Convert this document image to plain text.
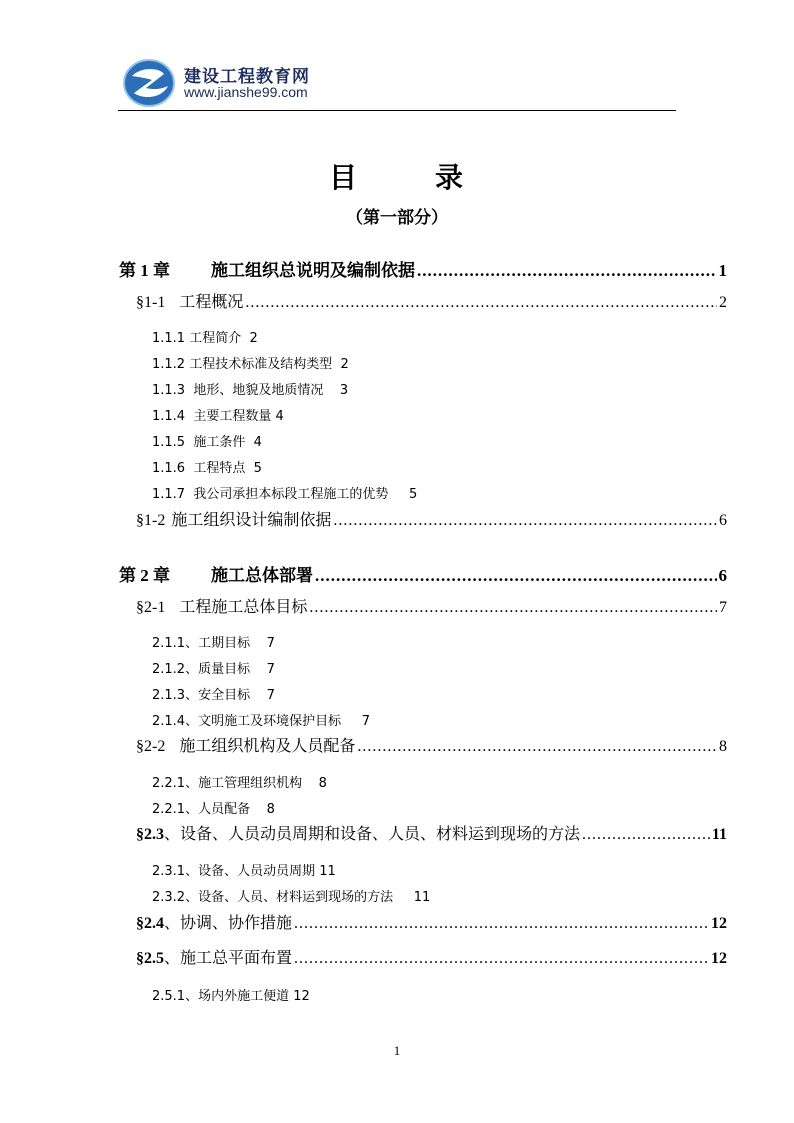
建设工程教育网
www.jianshe99.com
目	录
（第一部分）
第 1 章	施工组织总说明及编制依据 .....	1
§1-1 工程概况 .....	2
1.1.1 工程简介  2
1.1.2 工程技术标准及结构类型  2
1.1.3  地形、地貌及地质情况    3
1.1.4  主要工程数量 4
1.1.5  施工条件  4
1.1.6  工程特点  5
1.1.7  我公司承担本标段工程施工的优势     5
§1-2 施工组织设计编制依据 .....	6
第 2 章	施工总体部署 .....	6
§2-1 工程施工总体目标 .....	7
2.1.1、工期目标    7
2.1.2、质量目标    7
2.1.3、安全目标    7
2.1.4、文明施工及环境保护目标     7
§2-2 施工组织机构及人员配备 .....	8
2.2.1、施工管理组织机构    8
2.2.1、人员配备    8
§2.3 、设备、人员动员周期和设备、人员、材料运到现场的方法 .....	11
2.3.1、设备、人员动员周期 11
2.3.2、设备、人员、材料运到现场的方法     11
§2.4 、协调、协作措施 .....	12
§2.5 、施工总平面布置 .....	12
2.5.1、场内外施工便道 12
1
